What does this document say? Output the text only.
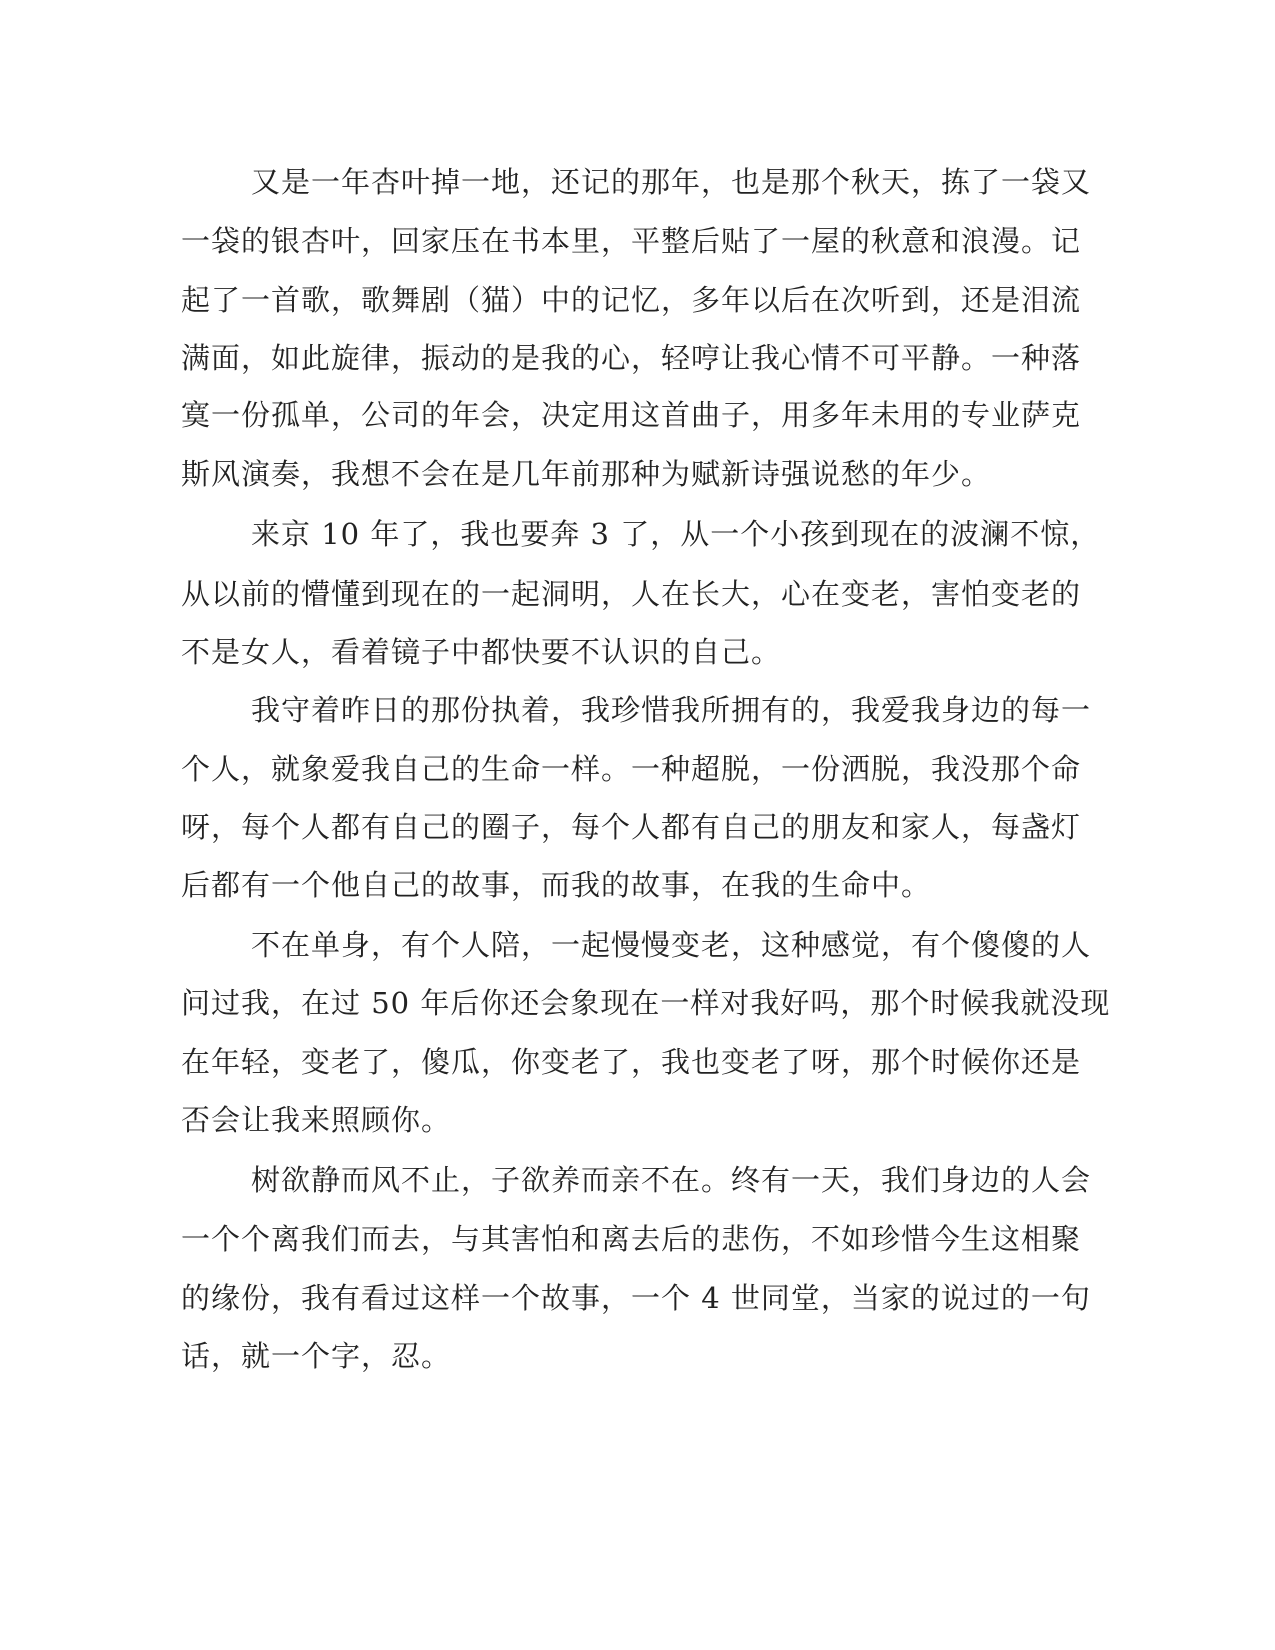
又是一年杏叶掉一地，还记的那年，也是那个秋天，拣了一袋又
一袋的银杏叶，回家压在书本里，平整后贴了一屋的秋意和浪漫。记
起了一首歌，歌舞剧（猫）中的记忆，多年以后在次听到，还是泪流
满面，如此旋律，振动的是我的心，轻哼让我心情不可平静。一种落
寞一份孤单，公司的年会，决定用这首曲子，用多年未用的专业萨克
斯风演奏，我想不会在是几年前那种为赋新诗强说愁的年少。
来京 10 年了，我也要奔 3 了，从一个小孩到现在的波澜不惊，
从以前的懵懂到现在的一起洞明，人在长大，心在变老，害怕变老的
不是女人，看着镜子中都快要不认识的自己。
我守着昨日的那份执着，我珍惜我所拥有的，我爱我身边的每一
个人，就象爱我自己的生命一样。一种超脱，一份洒脱，我没那个命
呀，每个人都有自己的圈子，每个人都有自己的朋友和家人，每盏灯
后都有一个他自己的故事，而我的故事，在我的生命中。
不在单身，有个人陪，一起慢慢变老，这种感觉，有个傻傻的人
问过我，在过 50 年后你还会象现在一样对我好吗，那个时候我就没现
在年轻，变老了，傻瓜，你变老了，我也变老了呀，那个时候你还是
否会让我来照顾你。
树欲静而风不止，子欲养而亲不在。终有一天，我们身边的人会
一个个离我们而去，与其害怕和离去后的悲伤，不如珍惜今生这相聚
的缘份，我有看过这样一个故事，一个 4 世同堂，当家的说过的一句
话，就一个字，忍。
